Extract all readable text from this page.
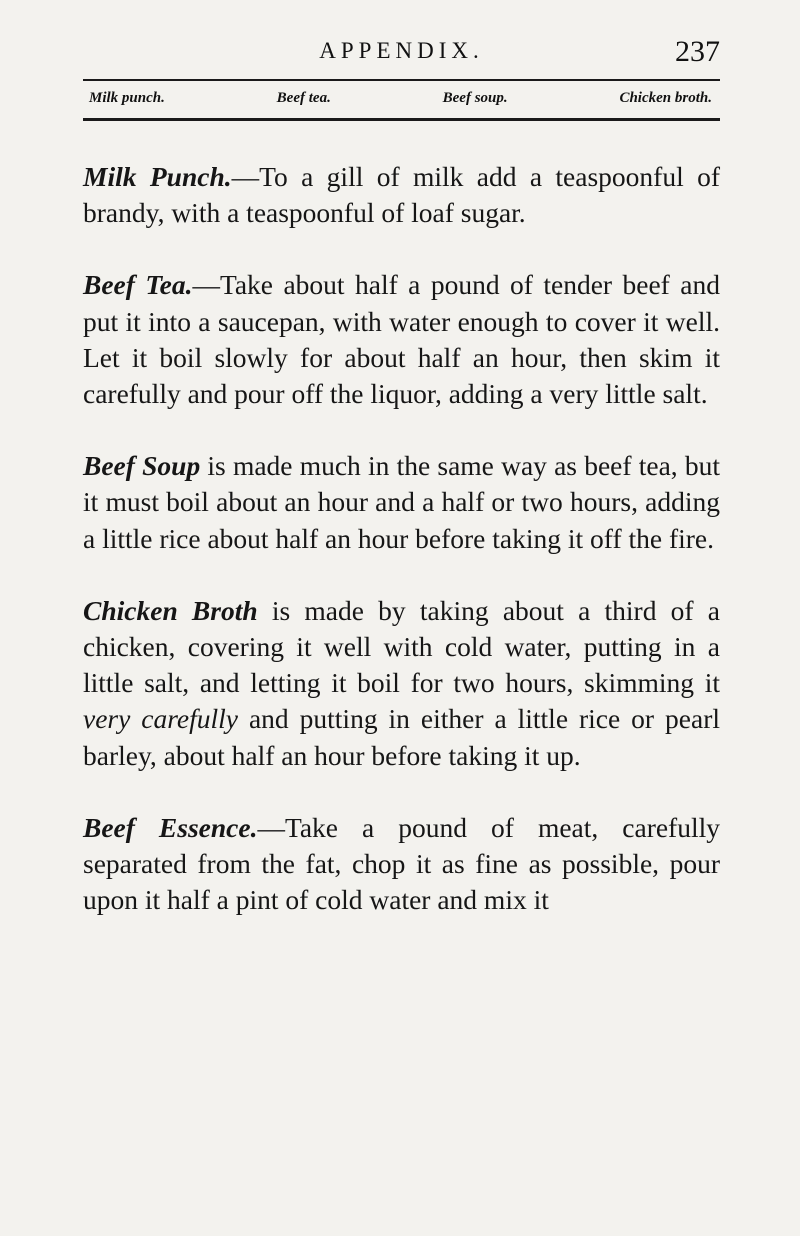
APPENDIX.	237
Milk punch.	Beef tea.	Beef soup.	Chicken broth.

Milk Punch.—To a gill of milk add a teaspoonful of brandy, with a teaspoonful of loaf sugar.

Beef Tea.—Take about half a pound of tender beef and put it into a saucepan, with water enough to cover it well. Let it boil slowly for about half an hour, then skim it carefully and pour off the liquor, adding a very little salt.

Beef Soup is made much in the same way as beef tea, but it must boil about an hour and a half or two hours, adding a little rice about half an hour before taking it off the fire.

Chicken Broth is made by taking about a third of a chicken, covering it well with cold water, putting in a little salt, and letting it boil for two hours, skimming it very carefully and putting in either a little rice or pearl barley, about half an hour before taking it up.

Beef Essence.—Take a pound of meat, carefully separated from the fat, chop it as fine as possible, pour upon it half a pint of cold water and mix it
